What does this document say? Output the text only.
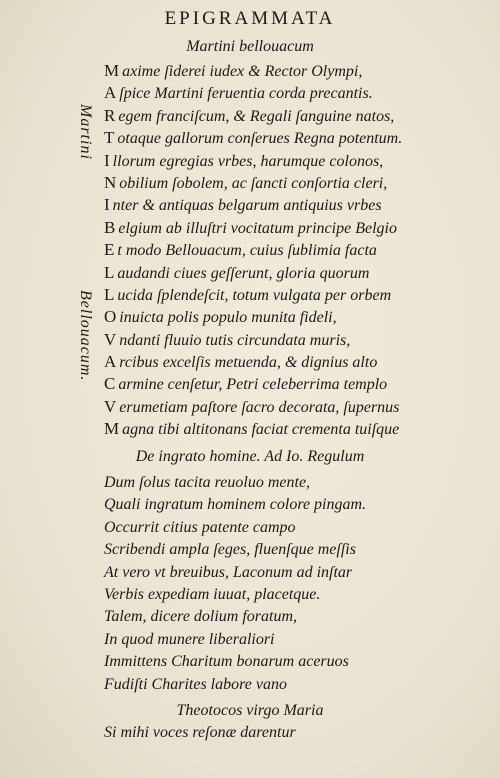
EPIGRAMMATA
Martini bellouacum
Martini
Bellouacum.
M axime ſiderei iudex & Rector Olympi,
A ſpice Martini feruentia corda precantis.
R egem franciſcum, & Regali ſanguine natos,
T otaque gallorum conſerues Regna potentum.
I llorum egregias vrbes, harumque colonos,
N obilium ſobolem, ac ſancti conſortia cleri,
I nter & antiquas belgarum antiquius vrbes
B elgium ab illuſtri vocitatum principe Belgio
E t modo Bellouacum, cuius ſublimia facta
L audandi ciues geſſerunt, gloria quorum
L ucida ſplendeſcit, totum vulgata per orbem
O inuicta polis populo munita fideli,
V ndanti fluuio tutis circundata muris,
A rcibus excelſis metuenda, & dignius alto
C armine cenſetur, Petri celeberrima templo
V erumetiam paſtore ſacro decorata, ſupernus
M agna tibi altitonans faciat crementa tuiſque
De ingrato homine. Ad Io. Regulum
Dum ſolus tacita reuoluo mente,
Quali ingratum hominem colore pingam.
Occurrit citius patente campo
Scribendi ampla ſeges, fluenſque meſſis
At vero vt breuibus, Laconum ad inſtar
Verbis expediam iuuat, placetque.
Talem, dicere dolium foratum,
In quod munere liberaliori
Immittens Charitum bonarum aceruos
Fudiſti Charites labore vano
Theotocos virgo Maria
Si mihi voces reſonæ darentur
